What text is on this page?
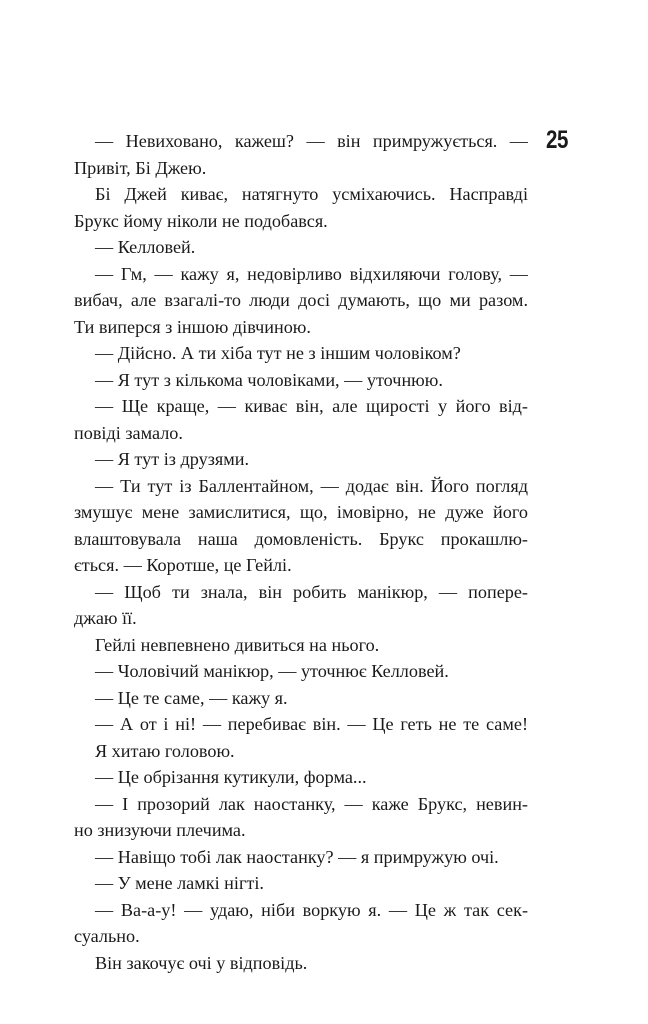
25
— Невиховано, кажеш? — він примружується. —
Привіт, Бі Джею.
Бі Джей киває, натягнуто усміхаючись. Насправді
Брукс йому ніколи не подобався.
— Келловей.
— Гм, — кажу я, недовірливо відхиляючи голову, —
вибач, але взагалі-то люди досі думають, що ми разом.
Ти виперся з іншою дівчиною.
— Дійсно. А ти хіба тут не з іншим чоловіком?
— Я тут з кількома чоловіками, — уточнюю.
— Ще краще, — киває він, але щирості у його від-
повіді замало.
— Я тут із друзями.
— Ти тут із Баллентайном, — додає він. Його погляд
змушує мене замислитися, що, імовірно, не дуже його
влаштовувала наша домовленість. Брукс прокашлю-
ється. — Коротше, це Гейлі.
— Щоб ти знала, він робить манікюр, — попере-
джаю її.
Гейлі невпевнено дивиться на нього.
— Чоловічий манікюр, — уточнює Келловей.
— Це те саме, — кажу я.
— А от і ні! — перебиває він. — Це геть не те саме!
Я хитаю головою.
— Це обрізання кутикули, форма...
— І прозорий лак наостанку, — каже Брукс, невин-
но знизуючи плечима.
— Навіщо тобі лак наостанку? — я примружую очі.
— У мене ламкі нігті.
— Ва-а-у! — удаю, ніби воркую я. — Це ж так сек-
суально.
Він закочує очі у відповідь.
